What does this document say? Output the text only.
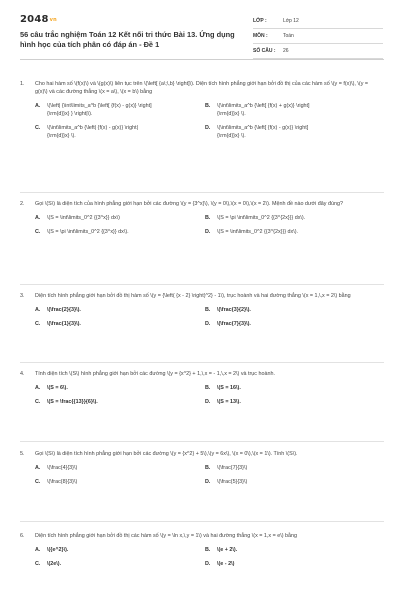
2048vn
56 câu trắc nghiệm Toán 12 Kết nối tri thức Bài 13. Ứng dụng hình học của tích phân có đáp án - Đề 1
LỚP :	Lớp 12
MÔN :	Toán
SỐ CÂU :	26
1.	Cho hai hàm số \(f(x)\) và \(g(x)\) liên tục trên \(\left[ {a\;\,b} \right]\). Diện tích hình phẳng giới hạn bởi đồ thị của các hàm số \(y = f(x)\), \(y = g(x)\) và các đường thẳng \(x = a\), \(x = b\) bằng
A.	\(\left| {\int\limits_a^b {\left[ {f(x) - g(x)} \right]{\rm{d}}x} } \right|\).
B.	\(\int\limits_a^b {\left[ {f(x) + g(x)} \right]{\rm{d}}x} \).
C.	\(\int\limits_a^b {\left| {f(x) - g(x)} \right|{\rm{d}}x} \).
D.	\(\int\limits_a^b {\left[ {f(x) - g(x)} \right]{\rm{d}}x} \).
2.	Gọi \(S\) là diện tích của hình phẳng giới hạn bởi các đường \(y = {3^x}\), \(y = 0\),\(x = 0\),\(x = 2\). Mệnh đề nào dưới đây đúng?
A.	\(S = \int\limits_0^2 {{3^x}} dx\)	B.	\(S = \pi \int\limits_0^2 {{3^{2x}}} dx\).
C.	\(S = \pi \int\limits_0^2 {{3^x}} dx\).	D.	\(S = \int\limits_0^2 {{3^{2x}}} dx\).
3.	Diện tích hình phẳng giới hạn bởi đồ thị hàm số \(y = {\left( {x - 2} \right)^2} - 1\), trục hoành và hai đường thẳng \(x = 1,\,x = 2\) bằng
A.	\(\frac{2}{3}\).	B.	\(\frac{3}{2}\).
C.	\(\frac{1}{3}\).	D.	\(\frac{7}{3}\).
4.	Tính diện tích \(S\) hình phẳng giới hạn bởi các đường \(y = {x^2} + 1,\,x = - 1,\,x = 2\) và trục hoành.
A.	\(S = 6\).	B.	\(S = 16\).
C.	\(S = \frac{{13}}{6}\).	D.	\(S = 13\).
5.	Gọi \(S\) là diện tích hình phẳng giới hạn bởi các đường \(y = {x^2} + 5\),\(y = 6x\), \(x = 0\),\(x = 1\). Tính \(S\).
A.	\(\frac{4}{3}\)	B.	\(\frac{7}{3}\)
C.	\(\frac{8}{3}\)	D.	\(\frac{5}{3}\)
6.	Diện tích hình phẳng giới hạn bởi đồ thị các hàm số \(y = \ln x,\,y = 1\) và hai đường thẳng \(x = 1,x = e\) bằng
A.	\({e^2}\).	B.	\(e + 2\).
C.	\(2e\).	D.	\(e - 2\)
